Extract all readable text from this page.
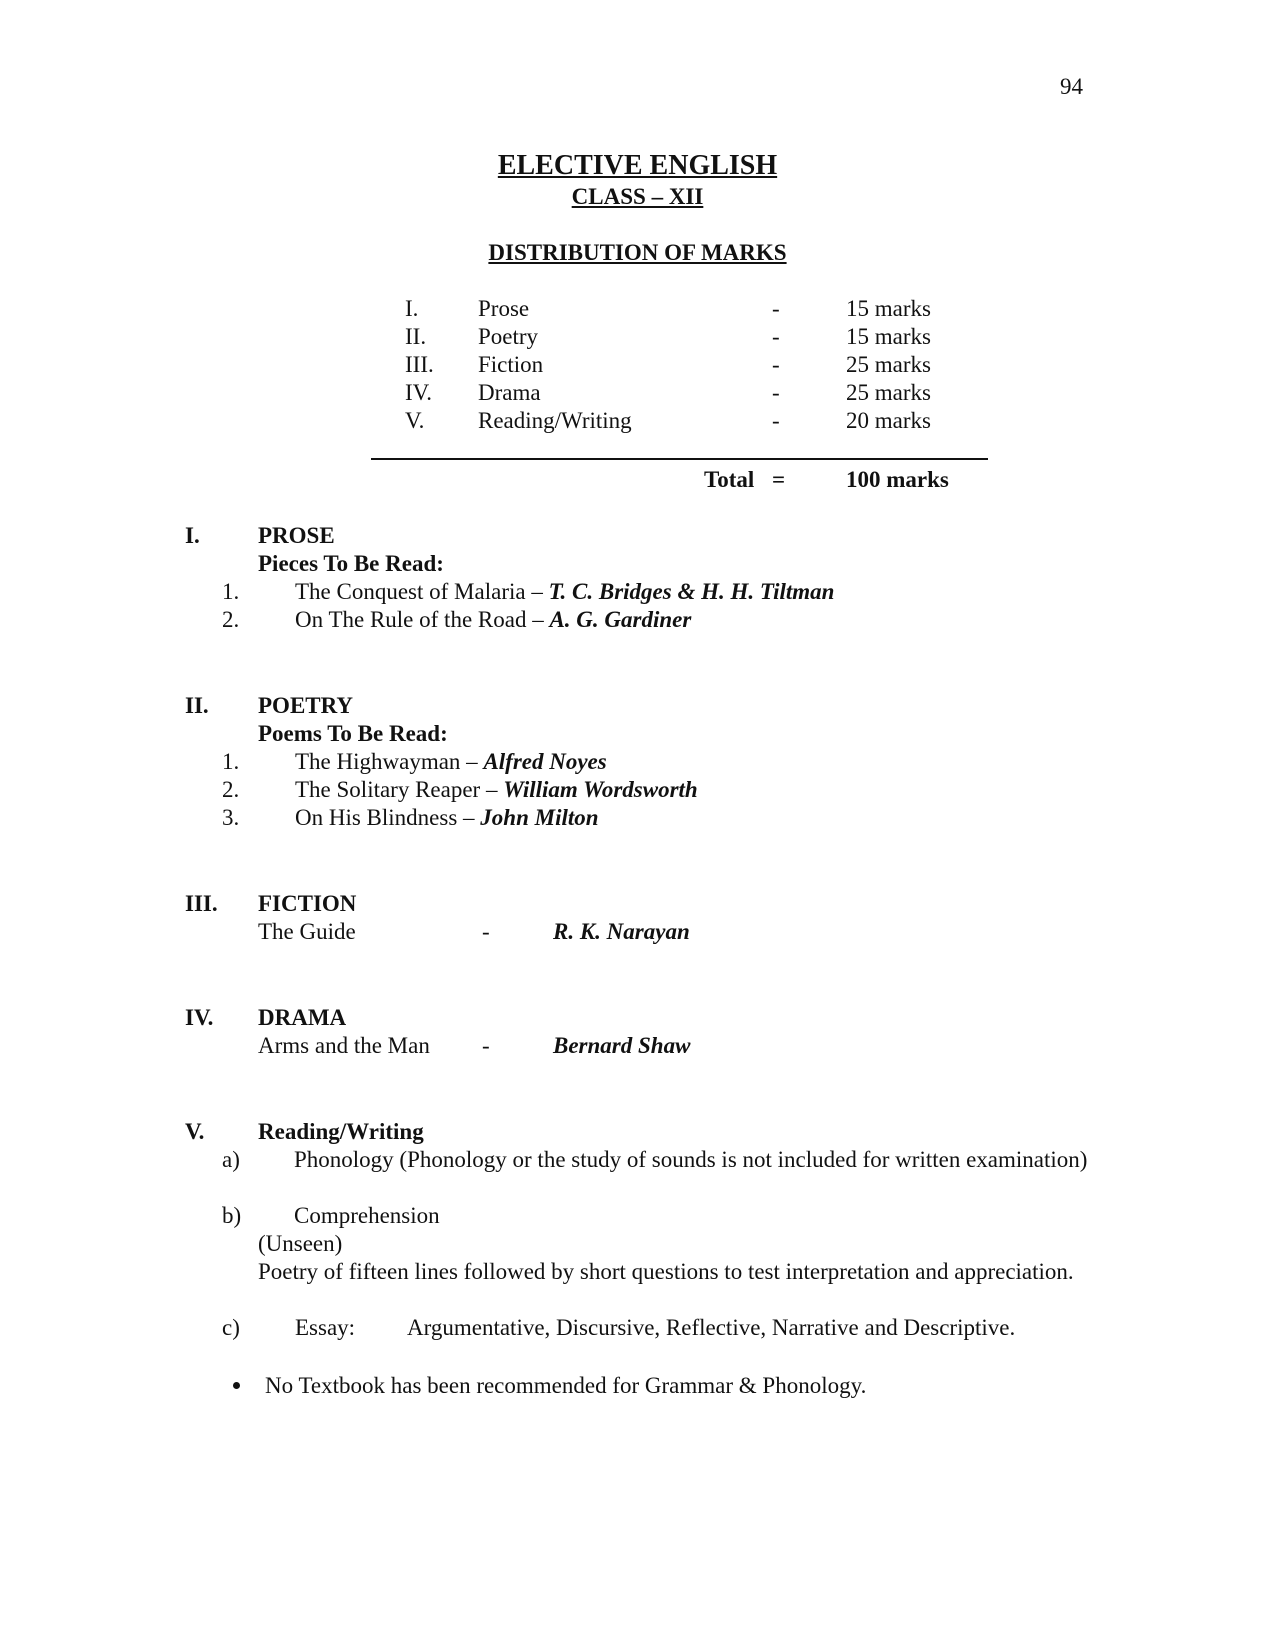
94
ELECTIVE ENGLISH
CLASS – XII
DISTRIBUTION OF MARKS
I.	Prose	-	15 marks
II. Poetry	-	15 marks
III. Fiction	-	25 marks
IV. Drama	-	25 marks
V. Reading/Writing	-	20 marks
Total =	100 marks
I.	PROSE
Pieces To Be Read:
1. The Conquest of Malaria – T. C. Bridges & H. H. Tiltman
2. On The Rule of the Road – A. G. Gardiner
II. POETRY
Poems To Be Read:
1. The Highwayman – Alfred Noyes
2. The Solitary Reaper – William Wordsworth
3. On His Blindness – John Milton
III. FICTION
The Guide	-	R. K. Narayan
IV. DRAMA
Arms and the Man -	Bernard Shaw
V. Reading/Writing
a) Phonology (Phonology or the study of sounds is not included for written examination)
b) Comprehension
(Unseen)
Poetry of fifteen lines followed by short questions to test interpretation and appreciation.
c) Essay: Argumentative, Discursive, Reflective, Narrative and Descriptive.
No Textbook has been recommended for Grammar & Phonology.
